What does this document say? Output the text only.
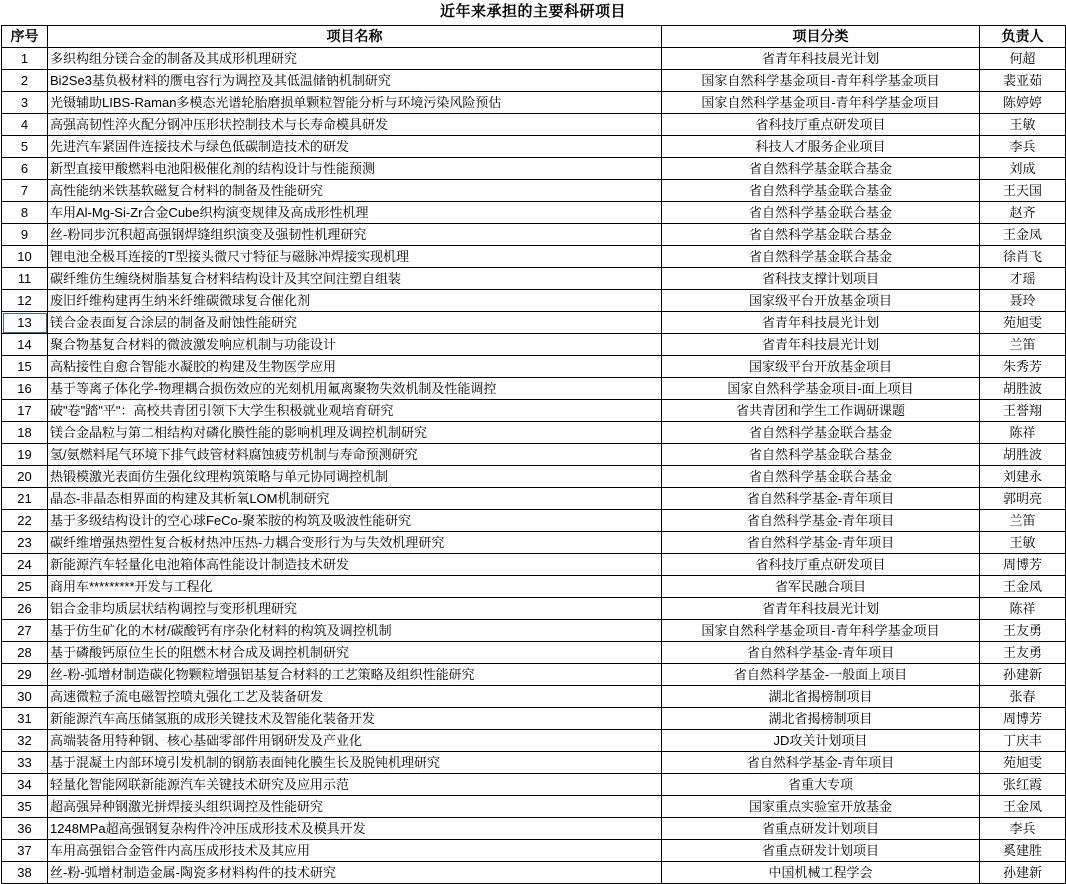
近年来承担的主要科研项目
序号	项目名称	项目分类	负责人
1	多织构组分镁合金的制备及其成形机理研究	省青年科技晨光计划	何超
2	Bi2Se3基负极材料的赝电容行为调控及其低温储钠机制研究	国家自然科学基金项目-青年科学基金项目	裴亚茹
3	光镊辅助LIBS-Raman多模态光谱轮胎磨损单颗粒智能分析与环境污染风险预估	国家自然科学基金项目-青年科学基金项目	陈婷婷
4	高强高韧性淬火配分钢冲压形状控制技术与长寿命模具研发	省科技厅重点研发项目	王敏
5	先进汽车紧固件连接技术与绿色低碳制造技术的研发	科技人才服务企业项目	李兵
6	新型直接甲酸燃料电池阳极催化剂的结构设计与性能预测	省自然科学基金联合基金	刘成
7	高性能纳米铁基软磁复合材料的制备及性能研究	省自然科学基金联合基金	王天国
8	车用Al-Mg-Si-Zr合金Cube织构演变规律及高成形性机理	省自然科学基金联合基金	赵齐
9	丝-粉同步沉积超高强钢焊缝组织演变及强韧性机理研究	省自然科学基金联合基金	王金凤
10	锂电池全极耳连接的T型接头微尺寸特征与磁脉冲焊接实现机理	省自然科学基金联合基金	徐肖飞
11	碳纤维仿生缠绕树脂基复合材料结构设计及其空间注塑自组装	省科技支撑计划项目	才瑶
12	废旧纤维构建再生纳米纤维碳微球复合催化剂	国家级平台开放基金项目	聂玲
13	镁合金表面复合涂层的制备及耐蚀性能研究	省青年科技晨光计划	苑旭雯
14	聚合物基复合材料的微波激发响应机制与功能设计	省青年科技晨光计划	兰笛
15	高粘接性自愈合智能水凝胶的构建及生物医学应用	国家级平台开放基金项目	朱秀芳
16	基于等离子体化学-物理耦合损伤效应的光刻机用氟离聚物失效机制及性能调控	国家自然科学基金项目-面上项目	胡胜波
17	破"卷"踏"平"：高校共青团引领下大学生积极就业观培育研究	省共青团和学生工作调研课题	王誉翔
18	镁合金晶粒与第二相结构对磷化膜性能的影响机理及调控机制研究	省自然科学基金联合基金	陈祥
19	氢/氨燃料尾气环境下排气歧管材料腐蚀疲劳机制与寿命预测研究	省自然科学基金联合基金	胡胜波
20	热锻模激光表面仿生强化纹理构筑策略与单元协同调控机制	省自然科学基金联合基金	刘建永
21	晶态-非晶态相界面的构建及其析氧LOM机制研究	省自然科学基金-青年项目	郭明亮
22	基于多级结构设计的空心球FeCo-聚苯胺的构筑及吸波性能研究	省自然科学基金-青年项目	兰笛
23	碳纤维增强热塑性复合板材热冲压热-力耦合变形行为与失效机理研究	省自然科学基金-青年项目	王敏
24	新能源汽车轻量化电池箱体高性能设计制造技术研发	省科技厅重点研发项目	周博芳
25	商用车*********开发与工程化	省军民融合项目	王金凤
26	铝合金非均质层状结构调控与变形机理研究	省青年科技晨光计划	陈祥
27	基于仿生矿化的木材/碳酸钙有序杂化材料的构筑及调控机制	国家自然科学基金项目-青年科学基金项目	王友勇
28	基于磷酸钙原位生长的阻燃木材合成及调控机制研究	省自然科学基金-青年项目	王友勇
29	丝-粉-弧增材制造碳化物颗粒增强铝基复合材料的工艺策略及组织性能研究	省自然科学基金-一般面上项目	孙建新
30	高速微粒子流电磁智控喷丸强化工艺及装备研发	湖北省揭榜制项目	张春
31	新能源汽车高压储氢瓶的成形关键技术及智能化装备开发	湖北省揭榜制项目	周博芳
32	高端装备用特种钢、核心基础零部件用钢研发及产业化	JD攻关计划项目	丁庆丰
33	基于混凝土内部环境引发机制的钢筋表面钝化膜生长及脱钝机理研究	省自然科学基金-青年项目	苑旭雯
34	轻量化智能网联新能源汽车关键技术研究及应用示范	省重大专项	张红霞
35	超高强异种钢激光拼焊接头组织调控及性能研究	国家重点实验室开放基金	王金凤
36	1248MPa超高强钢复杂构件冷冲压成形技术及模具开发	省重点研发计划项目	李兵
37	车用高强铝合金管件内高压成形技术及其应用	省重点研发计划项目	奚建胜
38	丝-粉-弧增材制造金属-陶瓷多材料构件的技术研究	中国机械工程学会	孙建新
